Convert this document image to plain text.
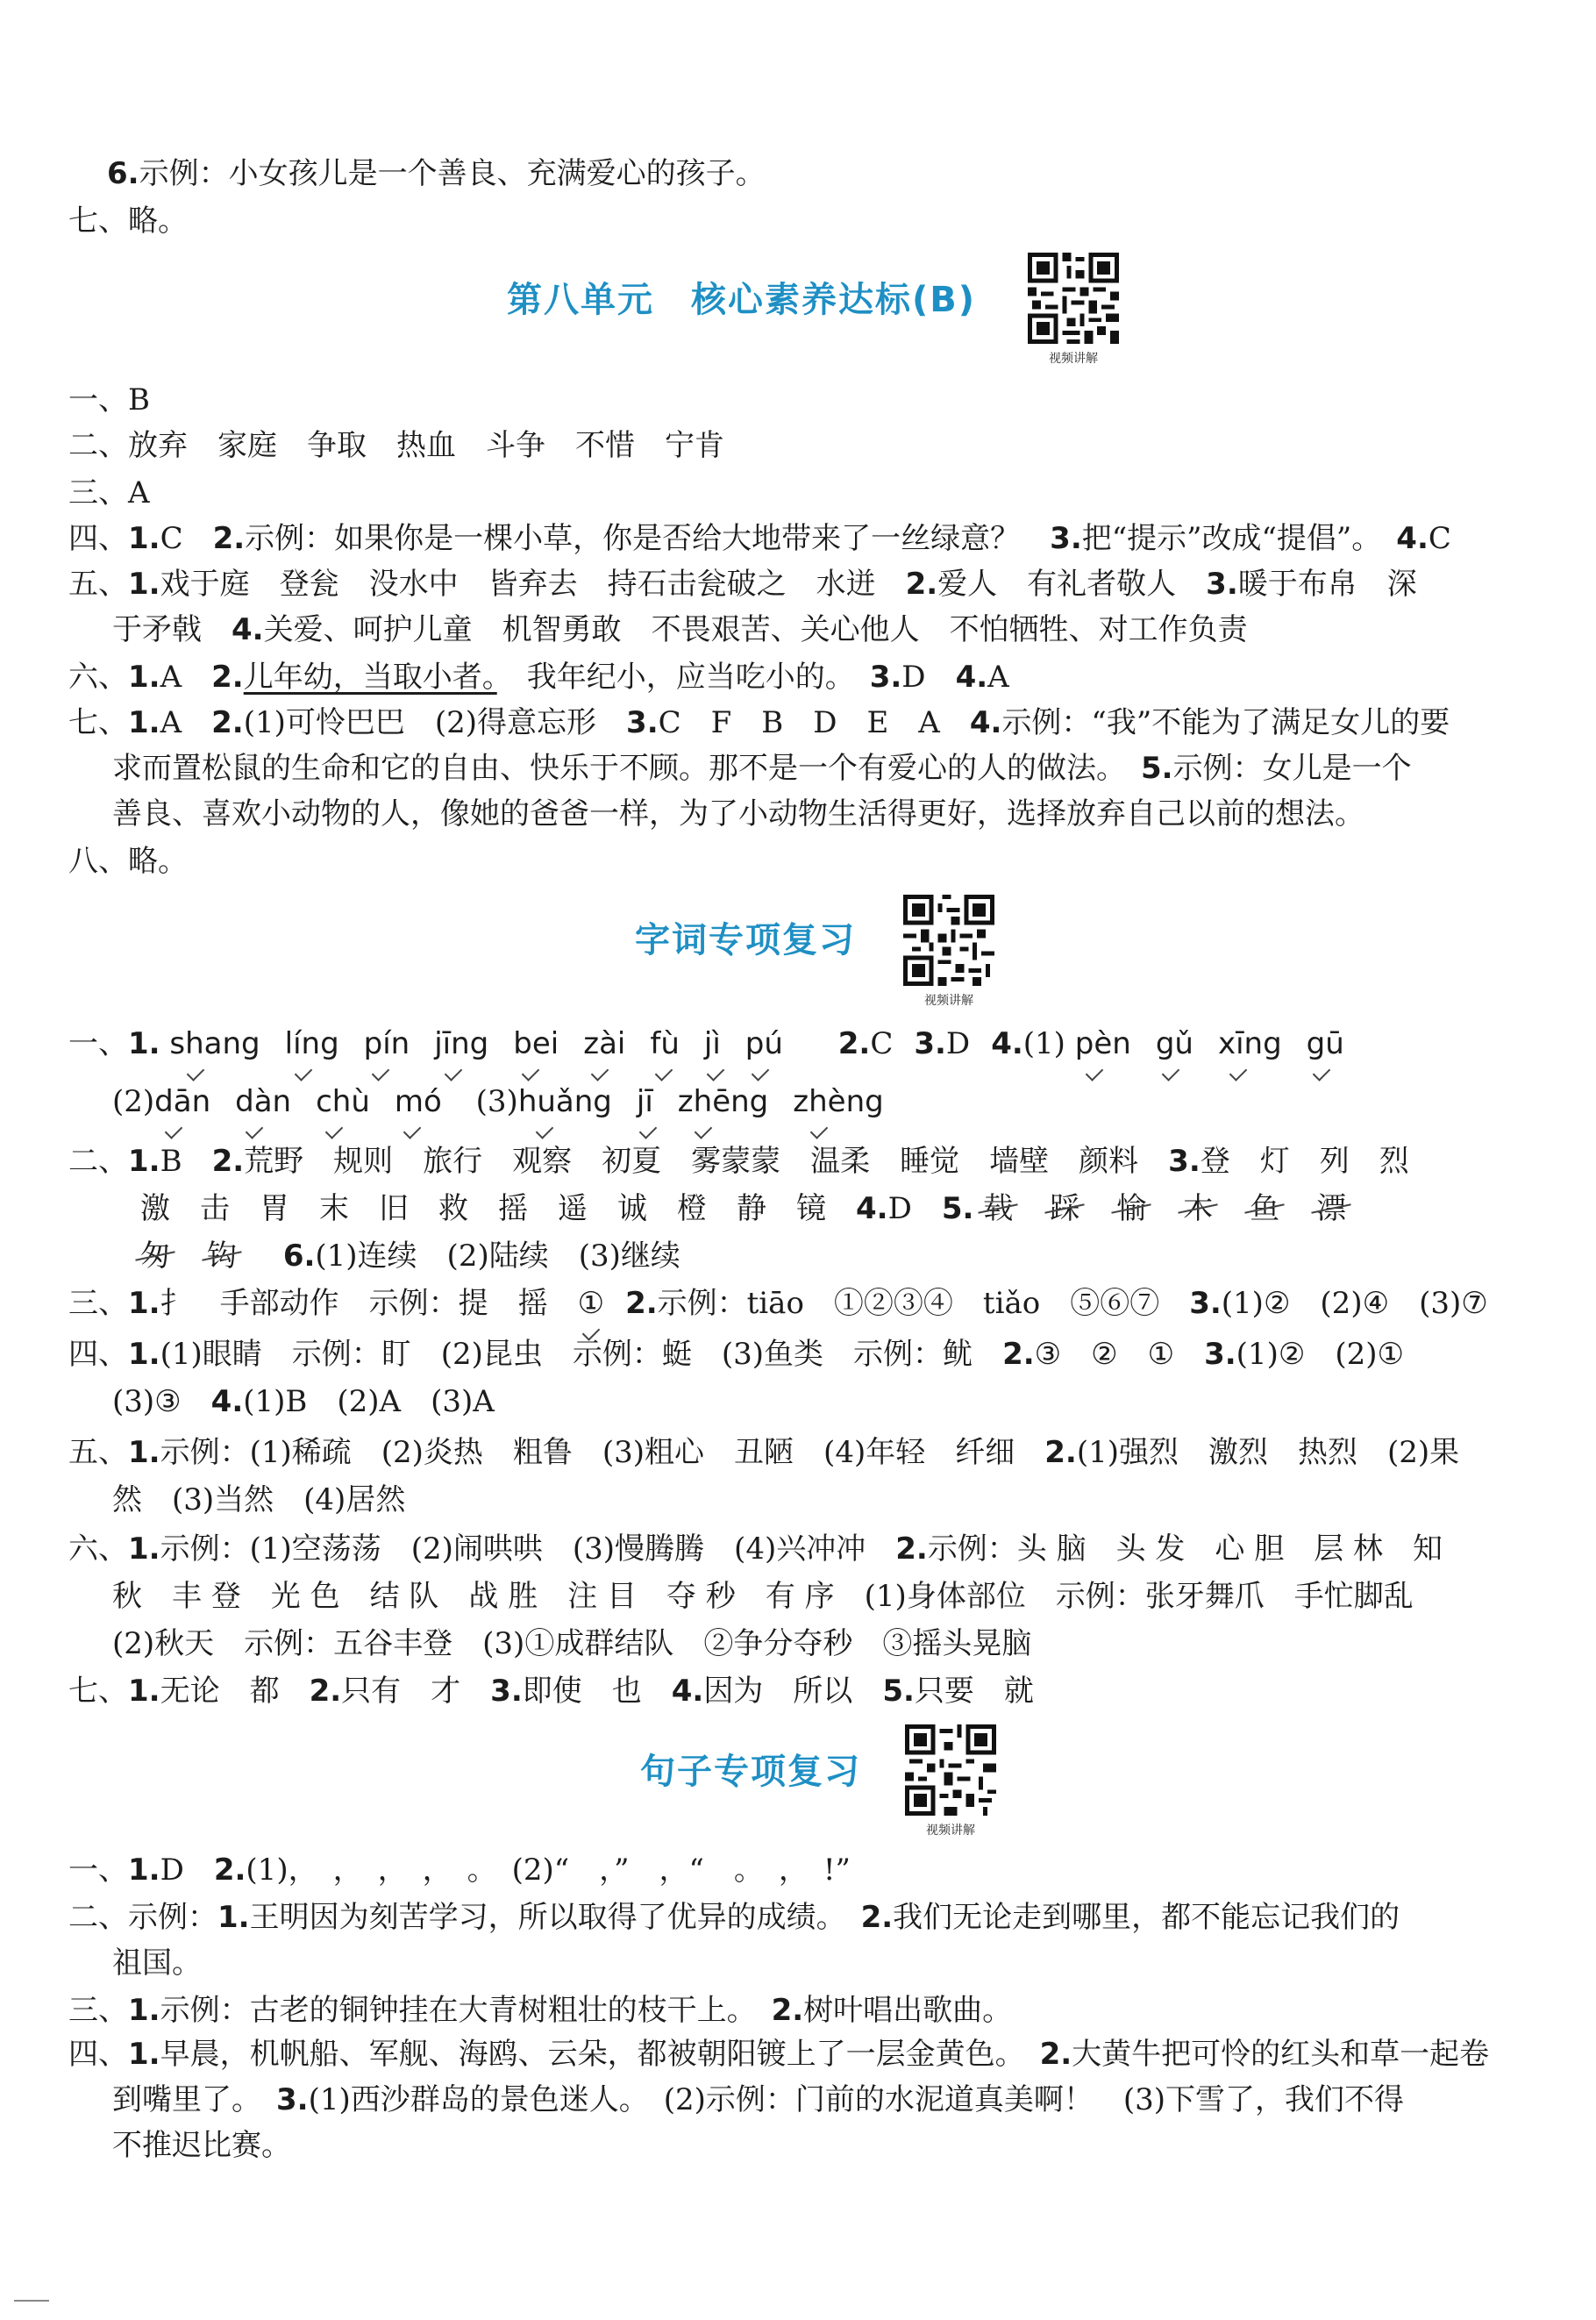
6.示例：小女孩儿是一个善良、充满爱心的孩子。
七、略。
第八单元　核心素养达标(B)
视频讲解
一、B
二、放弃　家庭　争取　热血　斗争　不惜　宁肯
三、A
四、1.C　2.示例：如果你是一棵小草，你是否给大地带来了一丝绿意？　3.把“提示”改成“提倡”。　4.C
五、1.戏于庭　登瓮　没水中　皆弃去　持石击瓮破之　水迸　2.爱人　有礼者敬人　3.暖于布帛　深
于矛戟　4.关爱、呵护儿童　机智勇敢　不畏艰苦、关心他人　不怕牺牲、对工作负责
六、1.A　2.儿年幼，当取小者。　我年纪小，应当吃小的。　3.D　4.A
七、1.A　2.(1)可怜巴巴　(2)得意忘形　3.C　F　B　D　E　A　4.示例：“我”不能为了满足女儿的要
求而置松鼠的生命和它的自由、快乐于不顾。那不是一个有爱心的人的做法。　5.示例：女儿是一个
善良、喜欢小动物的人，像她的爸爸一样，为了小动物生活得更好，选择放弃自己以前的想法。
八、略。
字词专项复习
视频讲解
一、1. shang líng pín jīng bei zài fù jì pú 2.C 3.D 4.(1) pèn gǔ xīng gū
(2)dān dàn chù mó (3)huǎng jī zhēng zhèng
二、1.B　2.荒野　规则　旅行　观察　初夏　雾蒙蒙　温柔　睡觉　墙壁　颜料　3.登　灯　列　烈
激　击　胃　末　旧　救　摇　遥　诚　橙　静　镜　4.D　5. 载 踩 愉 木 鱼 漂
匆 钩 6.(1)连续　(2)陆续　(3)继续
三、1.扌　手部动作　示例：提　摇　① 2.示例：tiāo　①②③④　tiǎo　⑤⑥⑦　3.(1)②　(2)④　(3)⑦
四、1.(1)眼睛　示例：盯　(2)昆虫　示例：蜓　(3)鱼类　示例：鱿　2.③　②　①　3.(1)②　(2)①
(3)③　4.(1)B　(2)A　(3)A
五、1.示例：(1)稀疏　(2)炎热　粗鲁　(3)粗心　丑陋　(4)年轻　纤细　2.(1)强烈　激烈　热烈　(2)果
然　(3)当然　(4)居然
六、1.示例：(1)空荡荡　(2)闹哄哄　(3)慢腾腾　(4)兴冲冲　2.示例：头 脑　头 发　心 胆　层 林　知
秋　丰 登　光 色　结 队　战 胜　注 目　夺 秒　有 序　(1)身体部位　示例：张牙舞爪　手忙脚乱
(2)秋天　示例：五谷丰登　(3)①成群结队　②争分夺秒　③摇头晃脑
七、1.无论　都　2.只有　才　3.即使　也　4.因为　所以　5.只要　就
句子专项复习
视频讲解
一、1.D　2.(1)，　，　，　，　。　(2)“　，”　，“　。　，　!”
二、示例：1.王明因为刻苦学习，所以取得了优异的成绩。　2.我们无论走到哪里，都不能忘记我们的
祖国。
三、1.示例：古老的铜钟挂在大青树粗壮的枝干上。　2.树叶唱出歌曲。
四、1.早晨，机帆船、军舰、海鸥、云朵，都被朝阳镀上了一层金黄色。　2.大黄牛把可怜的红头和草一起卷
到嘴里了。　3.(1)西沙群岛的景色迷人。　(2)示例：门前的水泥道真美啊！　(3)下雪了，我们不得
不推迟比赛。
